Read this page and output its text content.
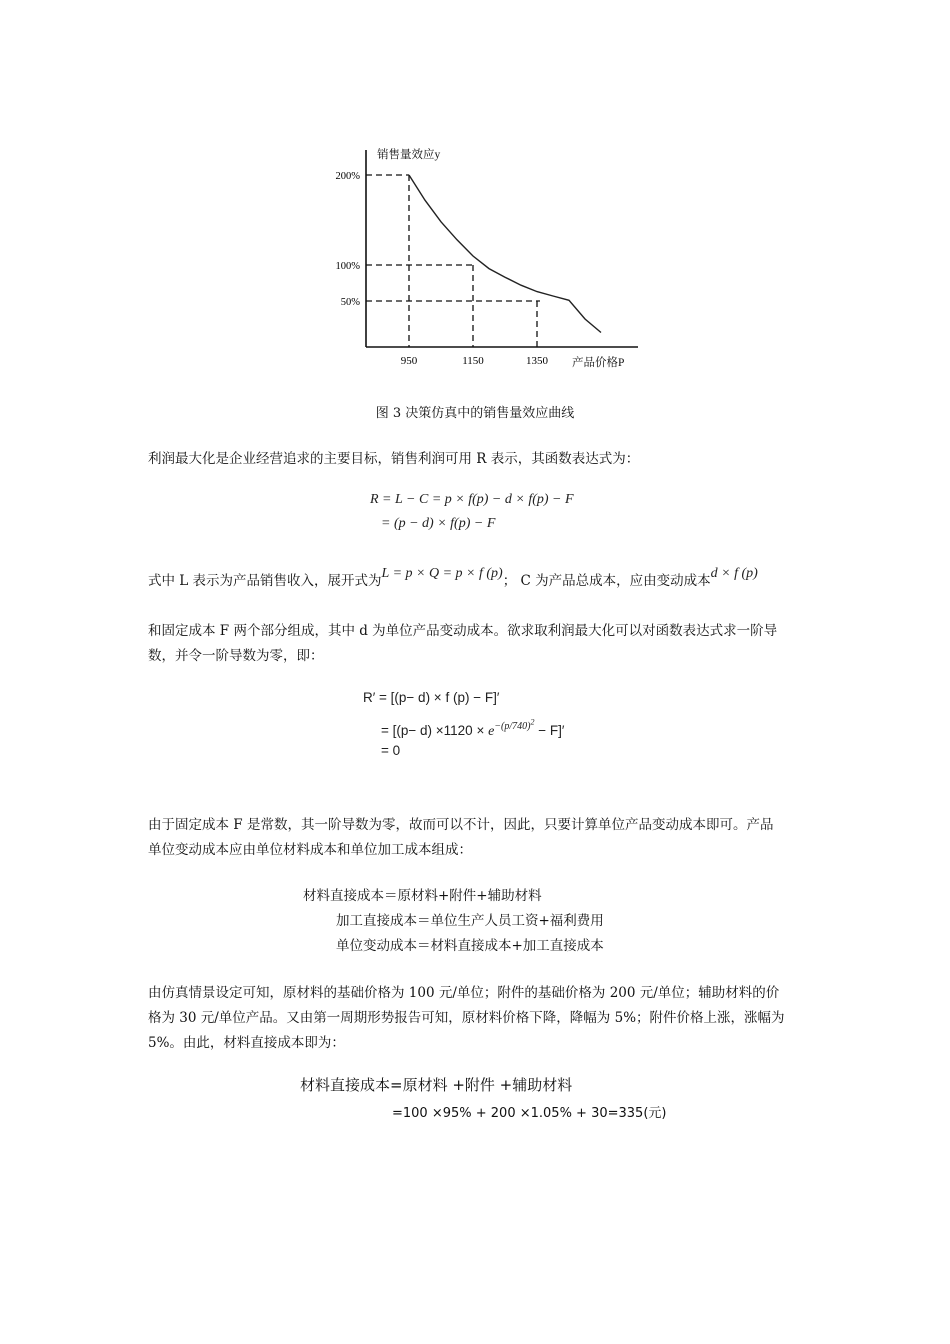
销售量效应y
产品价格P
200%
100%
50%
950	1150	1350
图 3 决策仿真中的销售量效应曲线
利润最大化是企业经营追求的主要目标，销售利润可用 R 表示，其函数表达式为：
R = L − C = p × f(p) − d × f(p) − F
= (p − d) × f(p) − F
式中 L 表示为产品销售收入，展开式为L = p × Q = p × f (p)； C 为产品总成本，应由变动成本d × f (p)
和固定成本 F 两个部分组成，其中 d 为单位产品变动成本。欲求取利润最大化可以对函数表达式求一阶导
数，并令一阶导数为零，即：
R′ = [(p− d) × f (p) − F]′
= $[(p- d) \times 1120 \times e^{-(p/740)^2} - F]'$
= 0
由于固定成本 F 是常数，其一阶导数为零，故而可以不计，因此，只要计算单位产品变动成本即可。产品
单位变动成本应由单位材料成本和单位加工成本组成：
材料直接成本＝原材料+附件+辅助材料
加工直接成本＝单位生产人员工资+福利费用
单位变动成本＝材料直接成本+加工直接成本
由仿真情景设定可知，原材料的基础价格为 100 元/单位；附件的基础价格为 200 元/单位；辅助材料的价
格为 30 元/单位产品。又由第一周期形势报告可知，原材料价格下降，降幅为 5%；附件价格上涨，涨幅为
5%。由此，材料直接成本即为：
材料直接成本=原材料 +附件 +辅助材料
=100 ×95% + 200 ×1.05% + 30=335(元)
